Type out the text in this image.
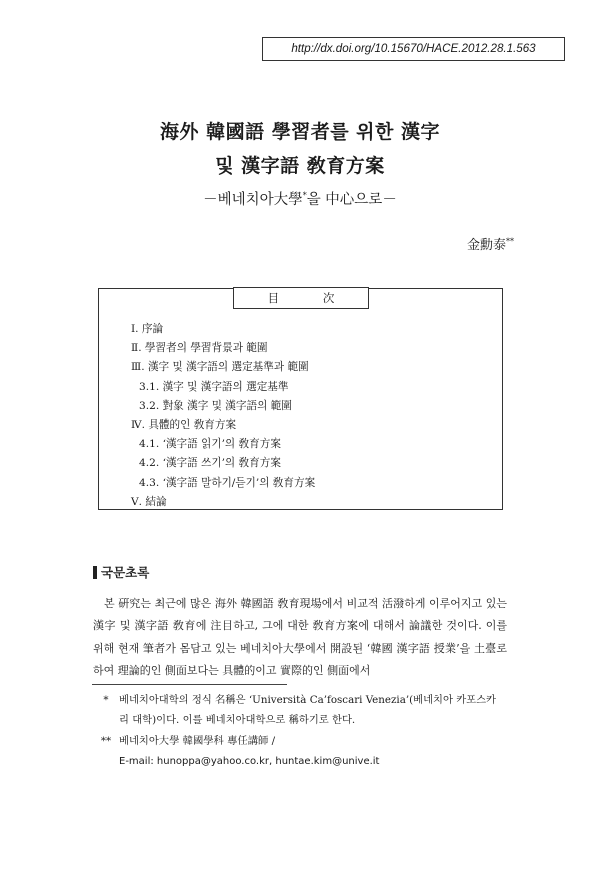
http://dx.doi.org/10.15670/HACE.2012.28.1.563
海外 韓國語 學習者를 위한 漢字
및 漢字語 敎育方案
－베네치아大學*을 中心으로－
金勳泰**
目 次
Ⅰ. 序論
Ⅱ. 學習者의 學習背景과 範圍
Ⅲ. 漢字 및 漢字語의 選定基準과 範圍
3.1. 漢字 및 漢字語의 選定基準
3.2. 對象 漢字 및 漢字語의 範圍
Ⅳ. 具體的인 敎育方案
4.1. ‘漢字語 읽기’의 敎育方案
4.2. ‘漢字語 쓰기’의 敎育方案
4.3. ‘漢字語 말하기/듣기’의 敎育方案
Ⅴ. 結論
국문초록

본 硏究는 최근에 많은 海外 韓國語 敎育現場에서 비교적 活潑하게 이루어지고 있는 漢字 및 漢字語 敎育에 注目하고, 그에 대한 敎育方案에 대해서 論議한 것이다. 이를 위해 현재 筆者가 몸담고 있는 베네치아大學에서 開設된 ‘韓國 漢字語 授業’을 土臺로 하여 理論的인 側面보다는 具體的이고 實際的인 側面에서

*	베네치아대학의 정식 名稱은 ‘Università Ca’foscari Venezia’(베네치아 카포스카
리 대학)이다. 이를 베네치아대학으로 稱하기로 한다.
** 베네치아大學 韓國學科 專任講師 /
E-mail: hunoppa@yahoo.co.kr, huntae.kim@unive.it
